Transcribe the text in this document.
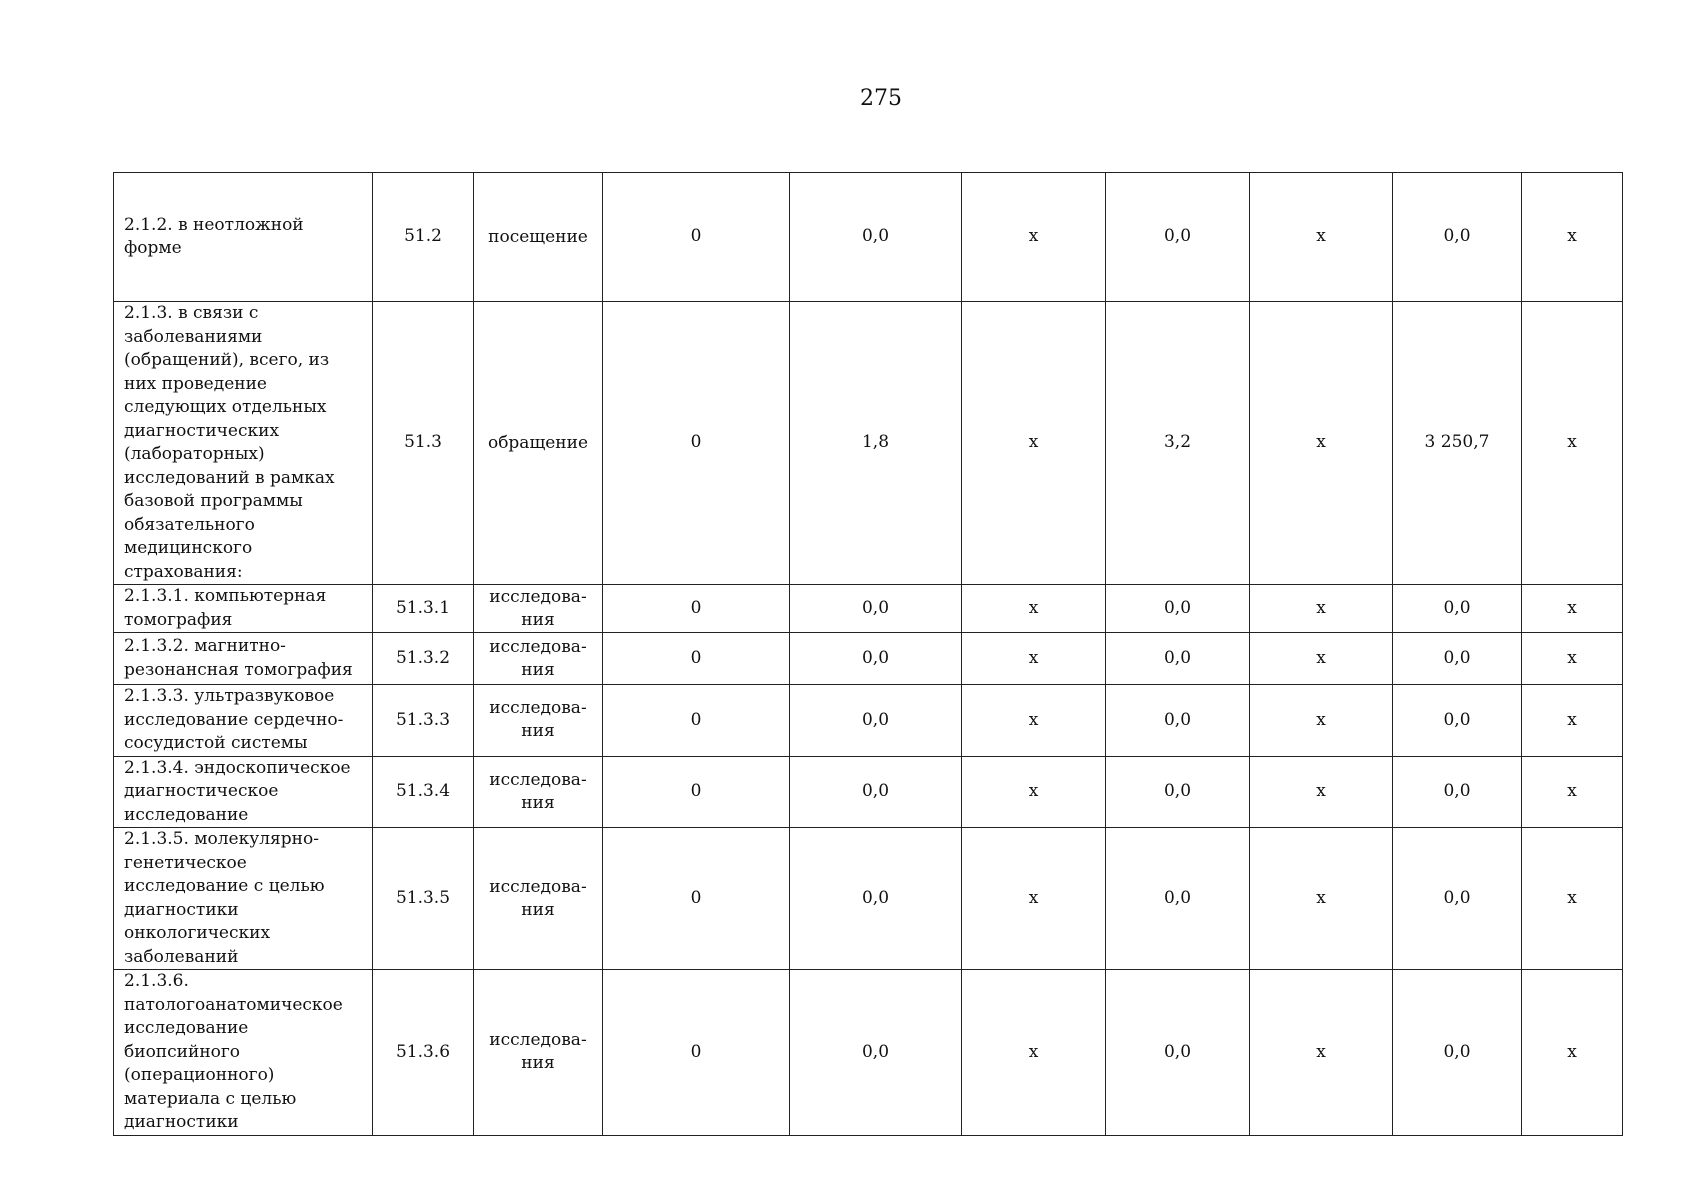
275
2.1.2. в неотложной форме	51.2	посещение	0	0,0	х	0,0	х	0,0	х
2.1.3. в связи с заболеваниями (обращений), всего, из них проведение следующих отдельных диагностических (лабораторных) исследований в рамках базовой программы обязательного медицинского страхования:	51.3	обращение	0	1,8	х	3,2	х	3 250,7	х
2.1.3.1. компьютерная томография	51.3.1	исследова-ния	0	0,0	х	0,0	х	0,0	х
2.1.3.2. магнитно-резонансная томография	51.3.2	исследова-ния	0	0,0	х	0,0	х	0,0	х
2.1.3.3. ультразвуковое исследование сердечно-сосудистой системы	51.3.3	исследова-ния	0	0,0	х	0,0	х	0,0	х
2.1.3.4. эндоскопическое диагностическое исследование	51.3.4	исследова-ния	0	0,0	х	0,0	х	0,0	х
2.1.3.5. молекулярно-генетическое исследование с целью диагностики онкологических заболеваний	51.3.5	исследова-ния	0	0,0	х	0,0	х	0,0	х
2.1.3.6. патологоанатомическое исследование биопсийного (операционного) материала с целью диагностики	51.3.6	исследова-ния	0	0,0	х	0,0	х	0,0	х
